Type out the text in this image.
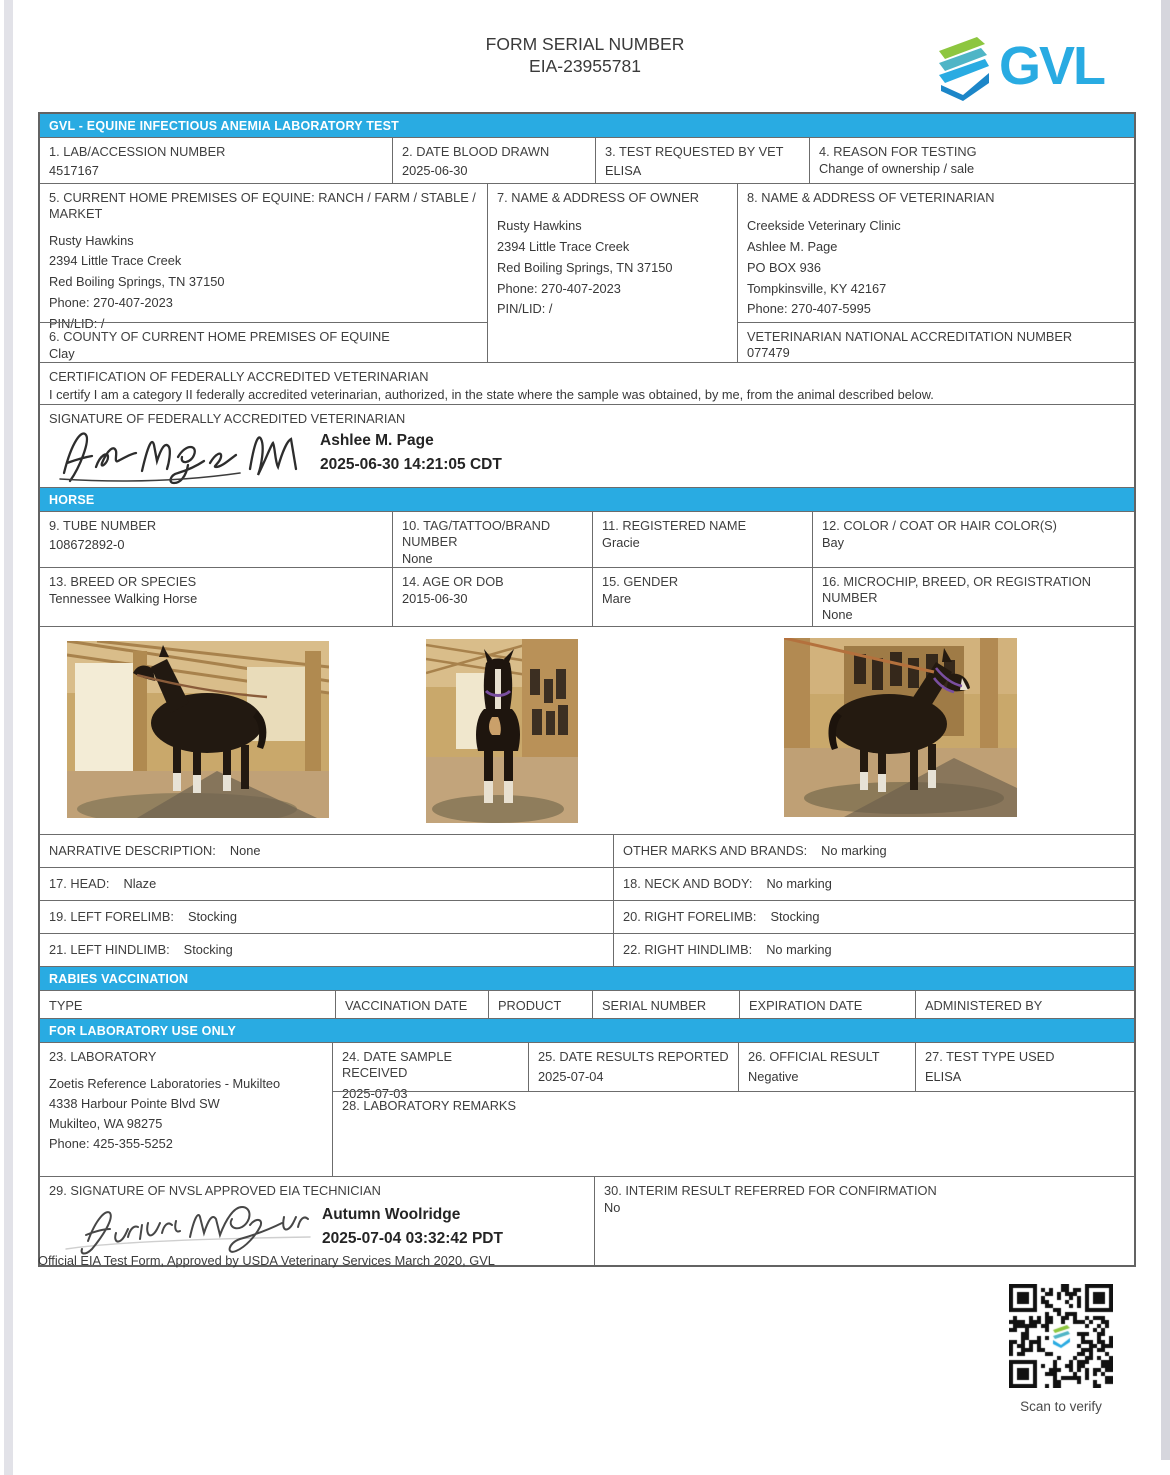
FORM SERIAL NUMBER
EIA-23955781	GVL
GVL - EQUINE INFECTIOUS ANEMIA LABORATORY TEST
1. LAB/ACCESSION NUMBER
4517167
2. DATE BLOOD DRAWN
2025-06-30
3. TEST REQUESTED BY VET
ELISA
4. REASON FOR TESTING
Change of ownership / sale
5. CURRENT HOME PREMISES OF EQUINE: RANCH / FARM / STABLE / MARKET
Rusty Hawkins
2394 Little Trace Creek
Red Boiling Springs, TN 37150
Phone: 270-407-2023
PIN/LID: /
6. COUNTY OF CURRENT HOME PREMISES OF EQUINE
Clay
7. NAME & ADDRESS OF OWNER
Rusty Hawkins
2394 Little Trace Creek
Red Boiling Springs, TN 37150
Phone: 270-407-2023
PIN/LID: /
8. NAME & ADDRESS OF VETERINARIAN
Creekside Veterinary Clinic
Ashlee M. Page
PO BOX 936
Tompkinsville, KY 42167
Phone: 270-407-5995
VETERINARIAN NATIONAL ACCREDITATION NUMBER
077479
CERTIFICATION OF FEDERALLY ACCREDITED VETERINARIAN
I certify I am a category II federally accredited veterinarian, authorized, in the state where the sample was obtained, by me, from the animal described below.
SIGNATURE OF FEDERALLY ACCREDITED VETERINARIAN
Ashlee M. Page
2025-06-30 14:21:05 CDT
HORSE
9. TUBE NUMBER
108672892-0
10. TAG/TATTOO/BRAND NUMBER
None
11. REGISTERED NAME
Gracie
12. COLOR / COAT OR HAIR COLOR(S)
Bay
13. BREED OR SPECIES
Tennessee Walking Horse
14. AGE OR DOB
2015-06-30
15. GENDER
Mare
16. MICROCHIP, BREED, OR REGISTRATION NUMBER
None
NARRATIVE DESCRIPTION: None	OTHER MARKS AND BRANDS: No marking
17. HEAD: Nlaze	18. NECK AND BODY: No marking
19. LEFT FORELIMB: Stocking	20. RIGHT FORELIMB: Stocking
21. LEFT HINDLIMB: Stocking	22. RIGHT HINDLIMB: No marking
RABIES VACCINATION
TYPE	VACCINATION DATE	PRODUCT	SERIAL NUMBER	EXPIRATION DATE	ADMINISTERED BY
FOR LABORATORY USE ONLY
23. LABORATORY
Zoetis Reference Laboratories - Mukilteo
4338 Harbour Pointe Blvd SW
Mukilteo, WA 98275
Phone: 425-355-5252
24. DATE SAMPLE RECEIVED
2025-07-03
25. DATE RESULTS REPORTED
2025-07-04
26. OFFICIAL RESULT
Negative
27. TEST TYPE USED
ELISA
28. LABORATORY REMARKS
29. SIGNATURE OF NVSL APPROVED EIA TECHNICIAN
Autumn Woolridge
2025-07-04 03:32:42 PDT
30. INTERIM RESULT REFERRED FOR CONFIRMATION
No
Official EIA Test Form, Approved by USDA Veterinary Services March 2020, GVL
Scan to verify
